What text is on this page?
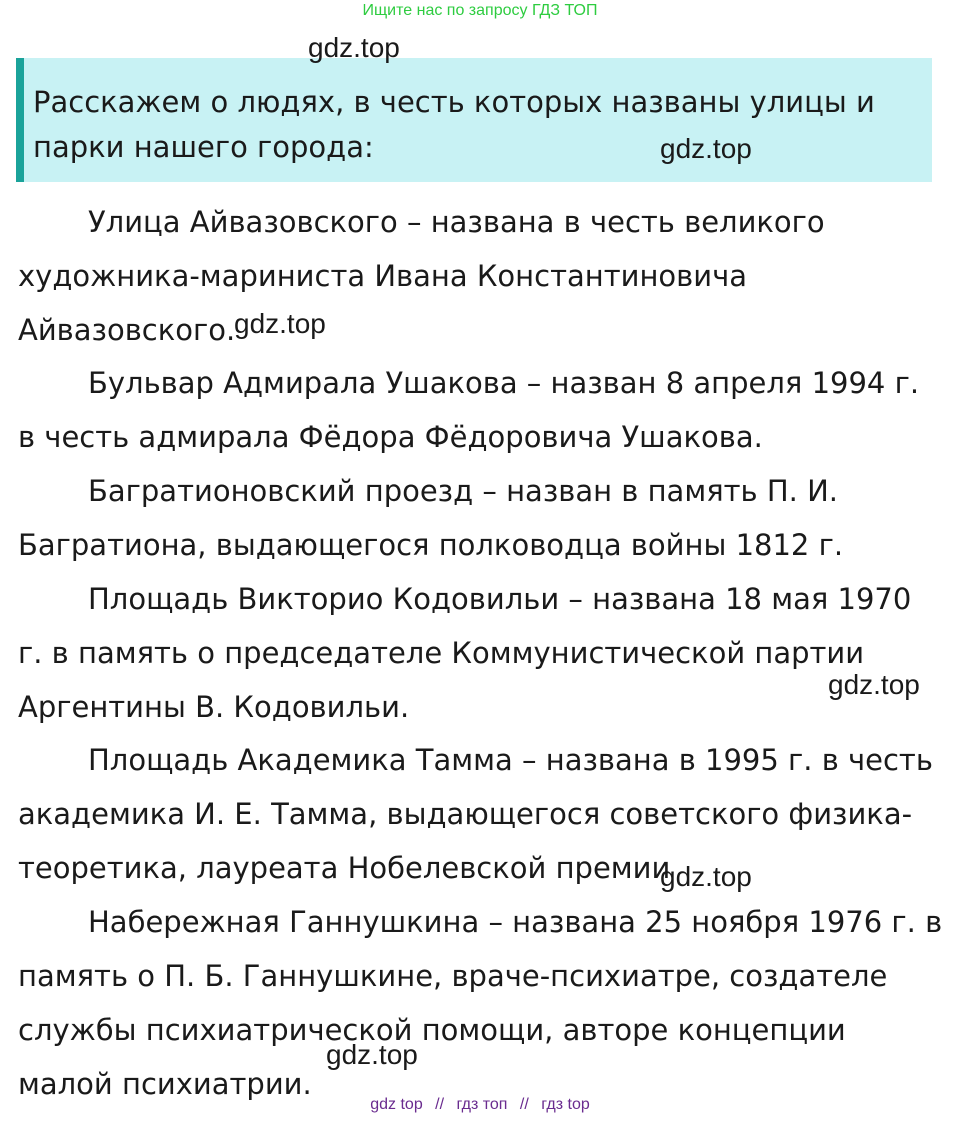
Ищите нас по запросу ГДЗ ТОП
Расскажем о людях, в честь которых названы улицы и парки нашего города:
Улица Айвазовского – названа в честь великого художника-мариниста Ивана Константиновича Айвазовского.
Бульвар Адмирала Ушакова – назван 8 апреля 1994 г. в честь адмирала Фёдора Фёдоровича Ушакова.
Багратионовский проезд – назван в память П. И. Багратиона, выдающегося полководца войны 1812 г.
Площадь Викторио Кодовильи – названа 18 мая 1970 г. в память о председателе Коммунистической партии Аргентины В. Кодовильи.
Площадь Академика Тамма – названа в 1995 г. в честь академика И. Е. Тамма, выдающегося советского физика-теоретика, лауреата Нобелевской премии
Набережная Ганнушкина – названа 25 ноября 1976 г. в память о П. Б. Ганнушкине, враче-психиатре, создателе службы психиатрической помощи, авторе концепции малой психиатрии.
gdz.top
gdz.top
gdz.top
gdz.top
gdz.top
gdz.top
gdz top // гдз топ // гдз top
